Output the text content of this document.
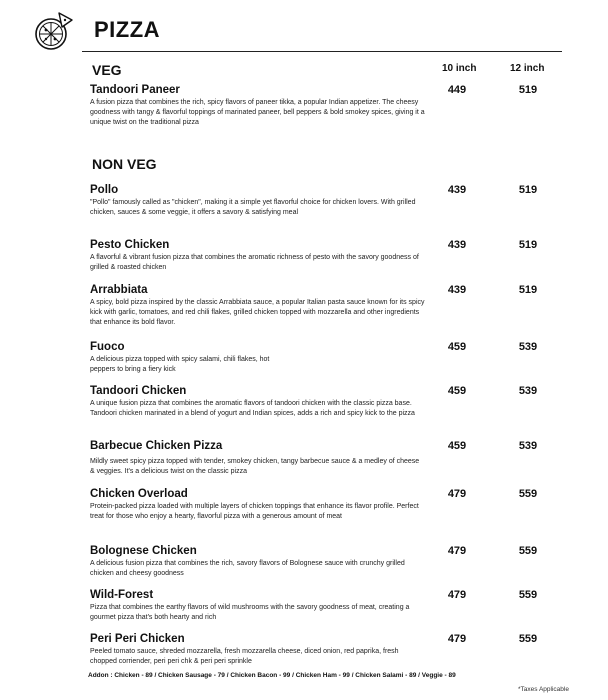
PIZZA
10 inch	12 inch
VEG
Tandoori Paneer
A fusion pizza that combines the rich, spicy flavors of paneer tikka, a popular Indian appetizer. The cheesy goodness with tangy & flavorful toppings of marinated paneer, bell peppers & bold smokey spices, giving it a unique twist on the traditional pizza
449	519
NON VEG
Pollo
"Pollo" famously called as "chicken", making it a simple yet flavorful choice for chicken lovers. With grilled chicken, sauces & some veggie, it offers a savory & satisfying meal
439	519
Pesto Chicken
A flavorful & vibrant fusion pizza that combines the aromatic richness of pesto with the savory goodness of grilled & roasted chicken
439	519
Arrabbiata
A spicy, bold pizza inspired by the classic Arrabbiata sauce, a popular Italian pasta sauce known for its spicy kick with garlic, tomatoes, and red chili flakes, grilled chicken topped with mozzarella and other ingredients that enhance its bold flavor.
439	519
Fuoco
A delicious pizza topped with spicy salami, chili flakes, hot peppers to bring a fiery kick
459	539
Tandoori Chicken
A unique fusion pizza that combines the aromatic flavors of tandoori chicken with the classic pizza base. Tandoori chicken marinated in a blend of yogurt and Indian spices, adds a rich and spicy kick to the pizza
459	539
Barbecue Chicken Pizza
Mildly sweet spicy pizza topped with tender, smokey chicken, tangy barbecue sauce & a medley of cheese & veggies. It's a delicious twist on the classic pizza
459	539
Chicken Overload
Protein-packed pizza loaded with multiple layers of chicken toppings that enhance its flavor profile. Perfect treat for those who enjoy a hearty, flavorful pizza with a generous amount of meat
479	559
Bolognese Chicken
A delicious fusion pizza that combines the rich, savory flavors of Bolognese sauce with crunchy grilled chicken and cheesy goodness
479	559
Wild-Forest
Pizza that combines the earthy flavors of wild mushrooms with the savory goodness of meat, creating a gourmet pizza that's both hearty and rich
479	559
Peri Peri Chicken
Peeled tomato sauce, shreded mozzarella, fresh mozzarella cheese, diced onion, red paprika, fresh chopped corriender, peri peri chk & peri peri sprinkle
479	559
Addon : Chicken - 89 / Chicken Sausage - 79 / Chicken Bacon - 99 / Chicken Ham - 99 / Chicken Salami - 89 / Veggie - 89
*Taxes Applicable
